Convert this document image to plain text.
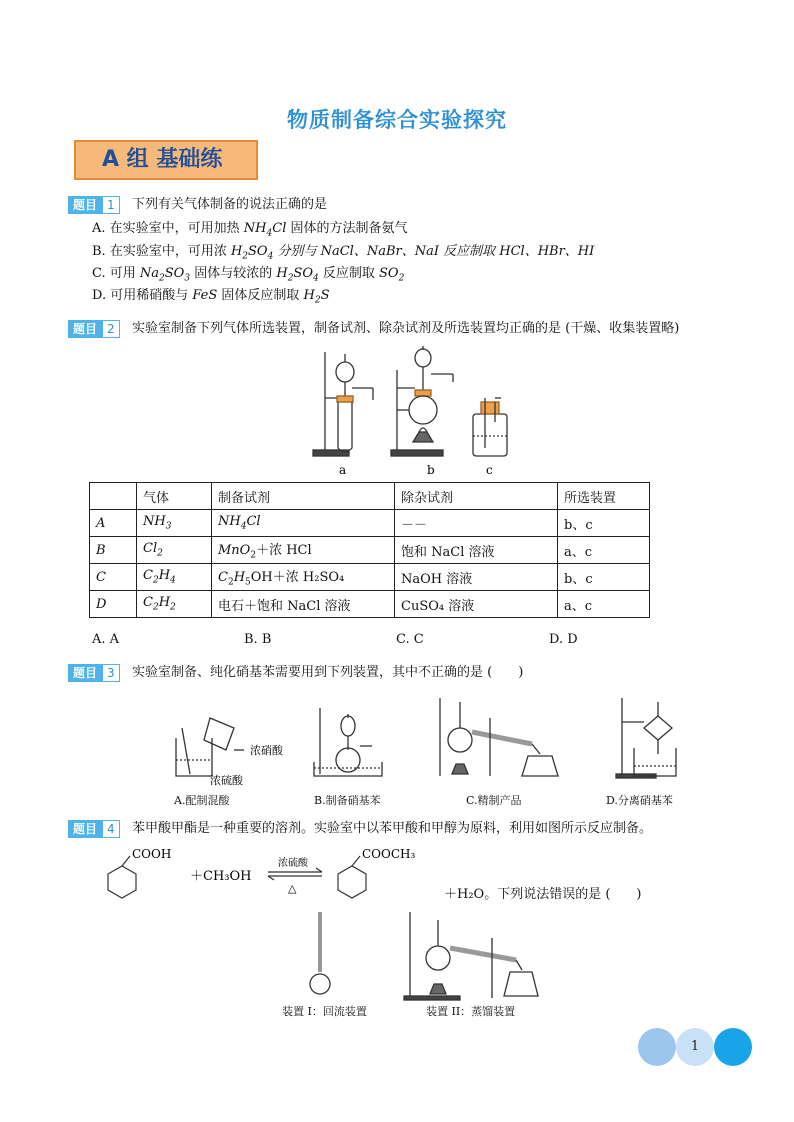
物质制备综合实验探究
A 组 基础练
题目 1	下列有关气体制备的说法正确的是
A. 在实验室中，可用加热 $NH_4Cl$ 固体的方法制备氨气
B. 在实验室中，可用浓 $H_2SO_4$ 分别与 NaCl、NaBr、NaI 反应制取 HCl、HBr、HI
C. 可用 $Na_2SO_3$ 固体与较浓的 $H_2SO_4$ 反应制取 $SO_2$
D. 可用稀硝酸与 FeS 固体反应制取 $H_2S$
题目 2	实验室制备下列气体所选装置，制备试剂、除杂试剂及所选装置均正确的是 (干燥、收集装置略)
a	b	c
	气体	制备试剂	除杂试剂	所选装置
A	$NH_3$	$NH_4Cl$	－－	b、c
B	$Cl_2$	MnO$_2$＋浓 HCl	饱和 NaCl 溶液	a、c
C	$C_2H_4$	$C_2H_5OH+$浓 H₂SO₄	NaOH 溶液	b、c
D	$C_2H_2$	电石＋饱和 NaCl 溶液	CuSO₄ 溶液	a、c
A. A	B. B	C. C	D. D
题目 3	实验室制备、纯化硝基苯需要用到下列装置，其中不正确的是 (　　)
浓硝酸
浓硫酸
A.配制混酸	B.制备硝基苯	C.精制产品	D.分离硝基苯
题目 4	苯甲酸甲酯是一种重要的溶剂。实验室中以苯甲酸和甲醇为原料，利用如图所示反应制备。
COOH
＋CH₃OH
浓硫酸
△
COOCH₃
＋H₂O。下列说法错误的是 (　　)
装置 I：回流装置	装置 II：蒸馏装置
1
